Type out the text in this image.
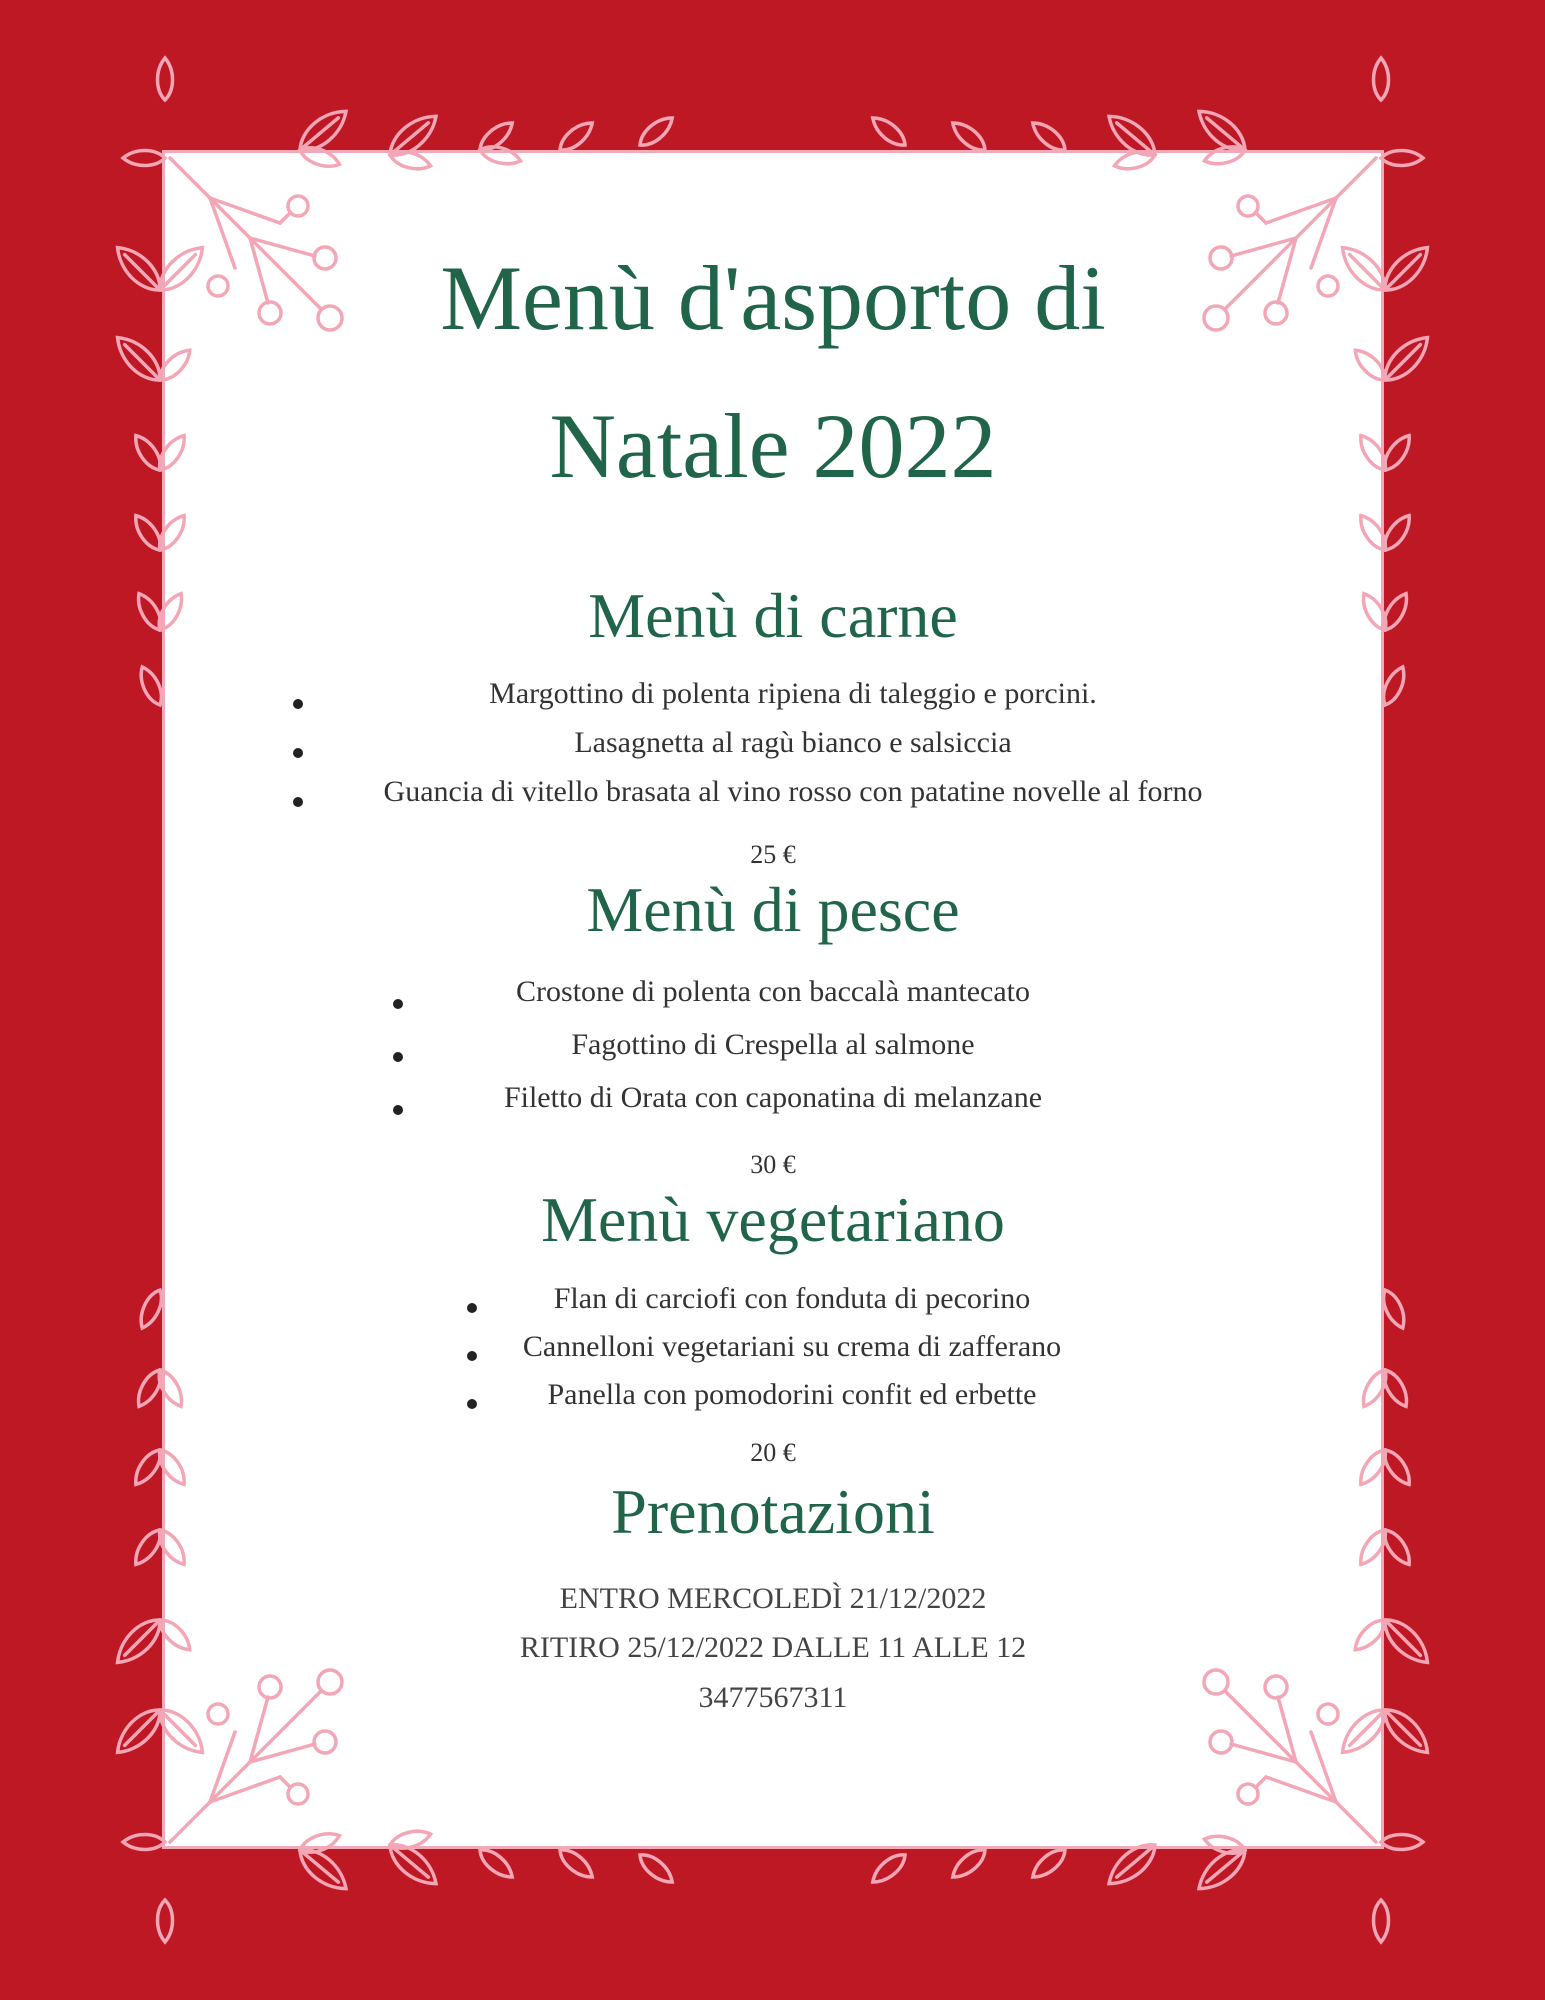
Menù d'asporto di
Natale 2022
Menù di carne
Margottino di polenta ripiena di taleggio e porcini.
Lasagnetta al ragù bianco e salsiccia
Guancia di vitello brasata al vino rosso con patatine novelle al forno
25 €
Menù di pesce
Crostone di polenta con baccalà mantecato
Fagottino di Crespella al salmone
Filetto di Orata con caponatina di melanzane
30 €
Menù vegetariano
Flan di carciofi con fonduta di pecorino
Cannelloni vegetariani su crema di zafferano
Panella con pomodorini confit ed erbette
20 €
Prenotazioni
ENTRO MERCOLEDÌ 21/12/2022
RITIRO 25/12/2022 DALLE 11 ALLE 12
3477567311
